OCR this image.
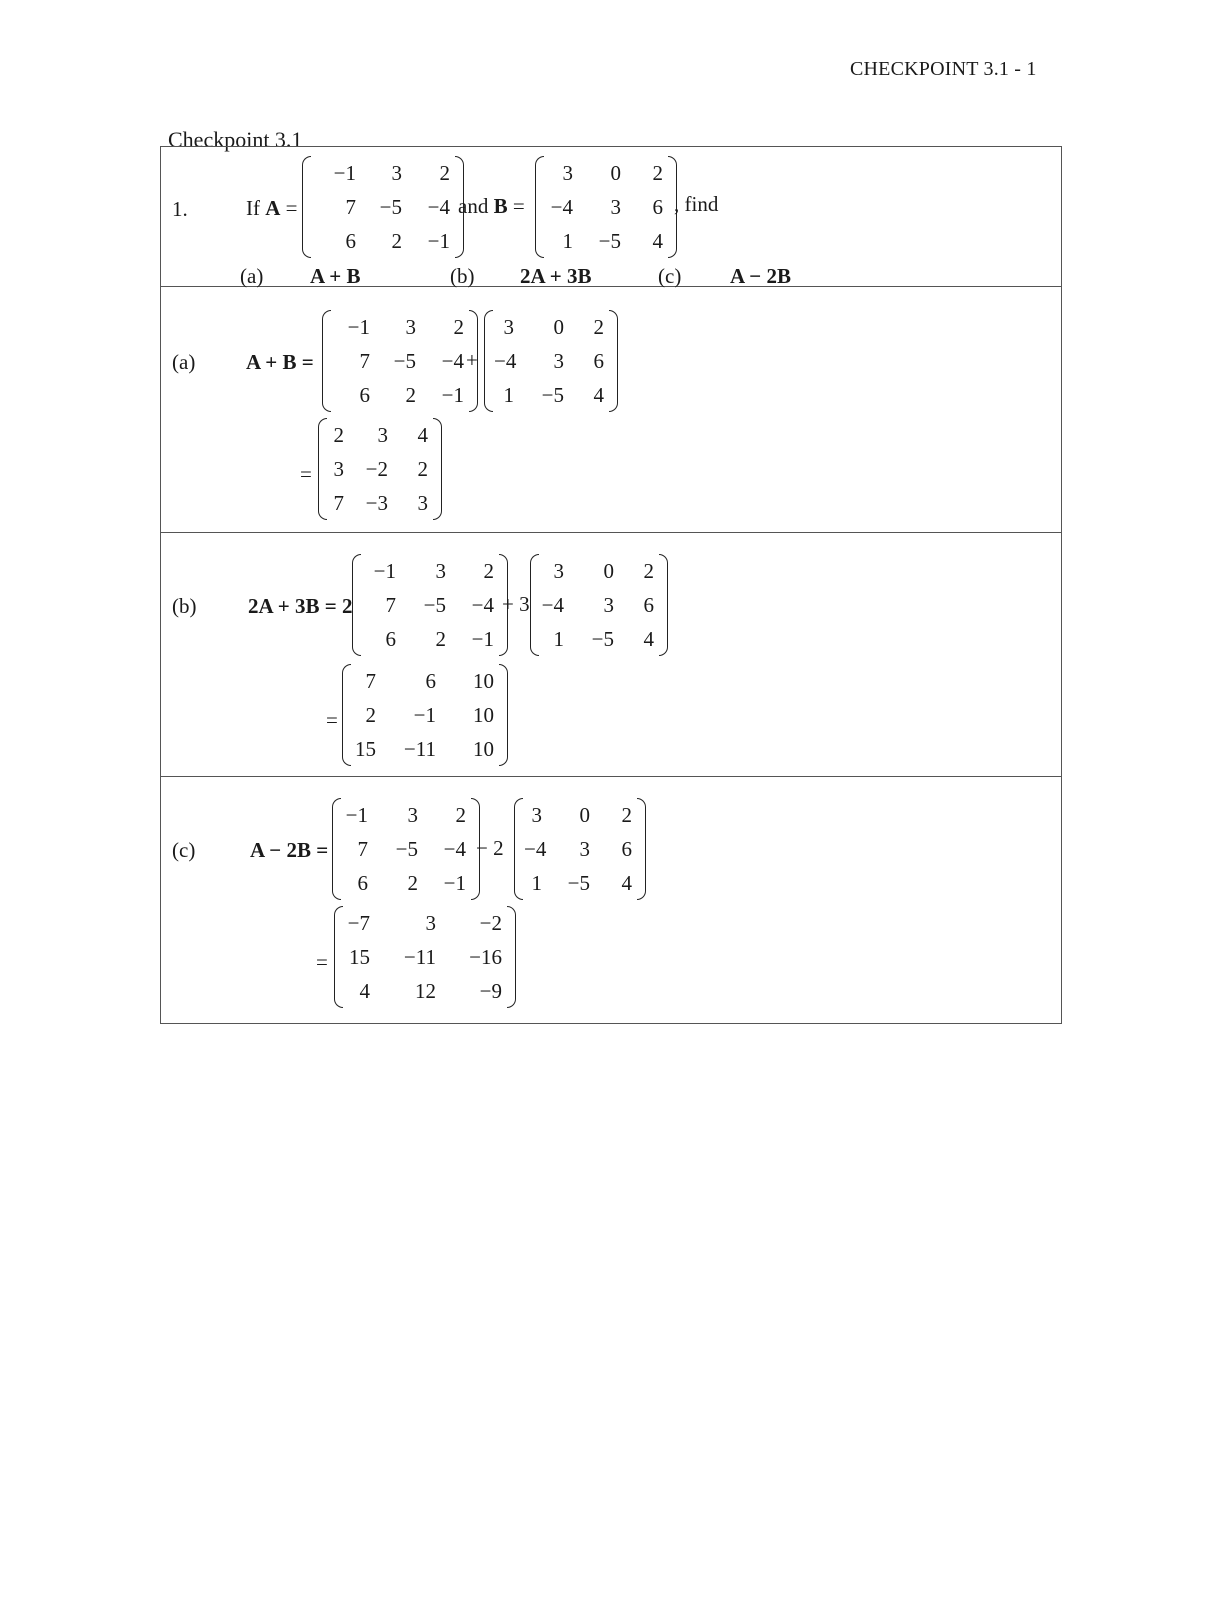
CHECKPOINT 3.1 - 1
Checkpoint 3.1
1.	If A =
−1	3	2
7	−5	−4
6	2	−1
and B =
3	0	2
−4	3	6
1	−5	4
, find
(a) A + B	(b) 2A + 3B	(c) A − 2B
(a) A + B =
−1	3	2
7	−5	−4
6	2	−1
+
3	0	2
−4	3	6
1	−5	4
=
2	3	4
3	−2	2
7	−3	3
(b) 2A + 3B = 2
−1	3	2
7	−5	−4
6	2	−1
+ 3
3	0	2
−4	3	6
1	−5	4
=
7	6	10
2	−1	10
15	−11	10
(c)	A − 2B =
−1	3	2
7	−5	−4
6	2	−1
− 2
3	0	2
−4	3	6
1	−5	4
=
−7	3	−2
15	−11	−16
4	12	−9
